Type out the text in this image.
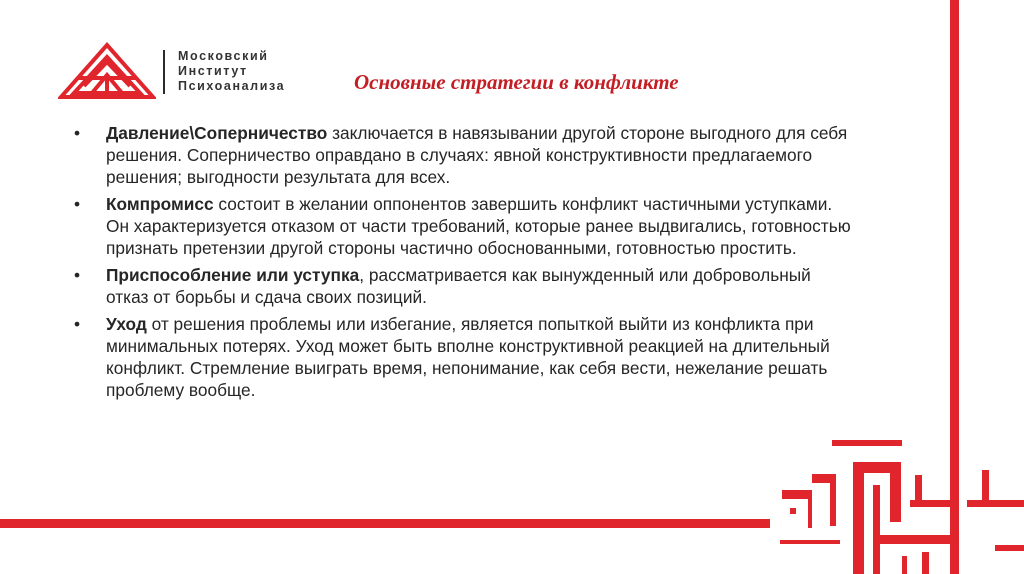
Московский
Институт
Психоанализа	Основные стратегии в конфликте
• Давление\Соперничество заключается в навязывании другой стороне выгодного для себя решения. Соперничество оправдано в случаях: явной конструктивности предлагаемого решения; выгодности результата для всех.
• Компромисс состоит в желании оппонентов завершить конфликт частичными уступками. Он характеризуется отказом от части требований, которые ранее выдвигались, готовностью признать претензии другой стороны частично обоснованными, готовностью простить.
• Приспособление или уступка, рассматривается как вынужденный или добровольный отказ от борьбы и сдача своих позиций.
• Уход от решения проблемы или избегание, является попыткой выйти из конфликта при минимальных потерях. Уход может быть вполне конструктивной реакцией на длительный конфликт. Стремление выиграть время, непонимание, как себя вести, нежелание решать проблему вообще.
